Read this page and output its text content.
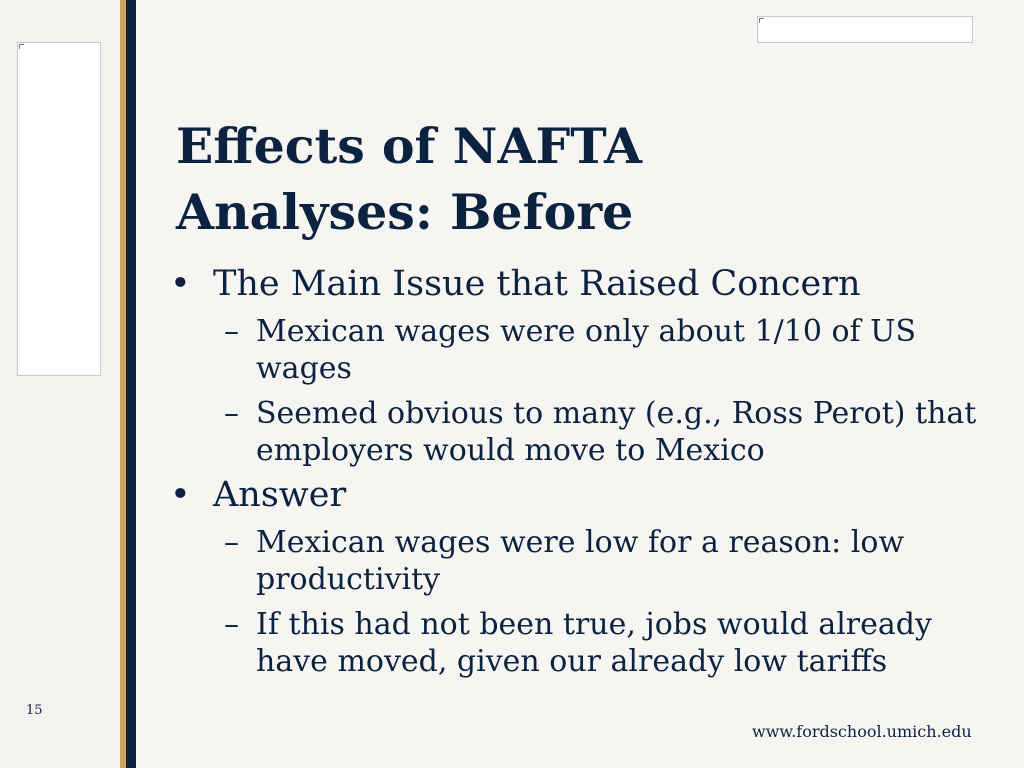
Effects of NAFTA
Analyses: Before
• The Main Issue that Raised Concern
– Mexican wages were only about 1/10 of US
wages
– Seemed obvious to many (e.g., Ross Perot) that
employers would move to Mexico
• Answer
– Mexican wages were low for a reason: low
productivity
– If this had not been true, jobs would already
have moved, given our already low tariffs
15
www.fordschool.umich.edu
